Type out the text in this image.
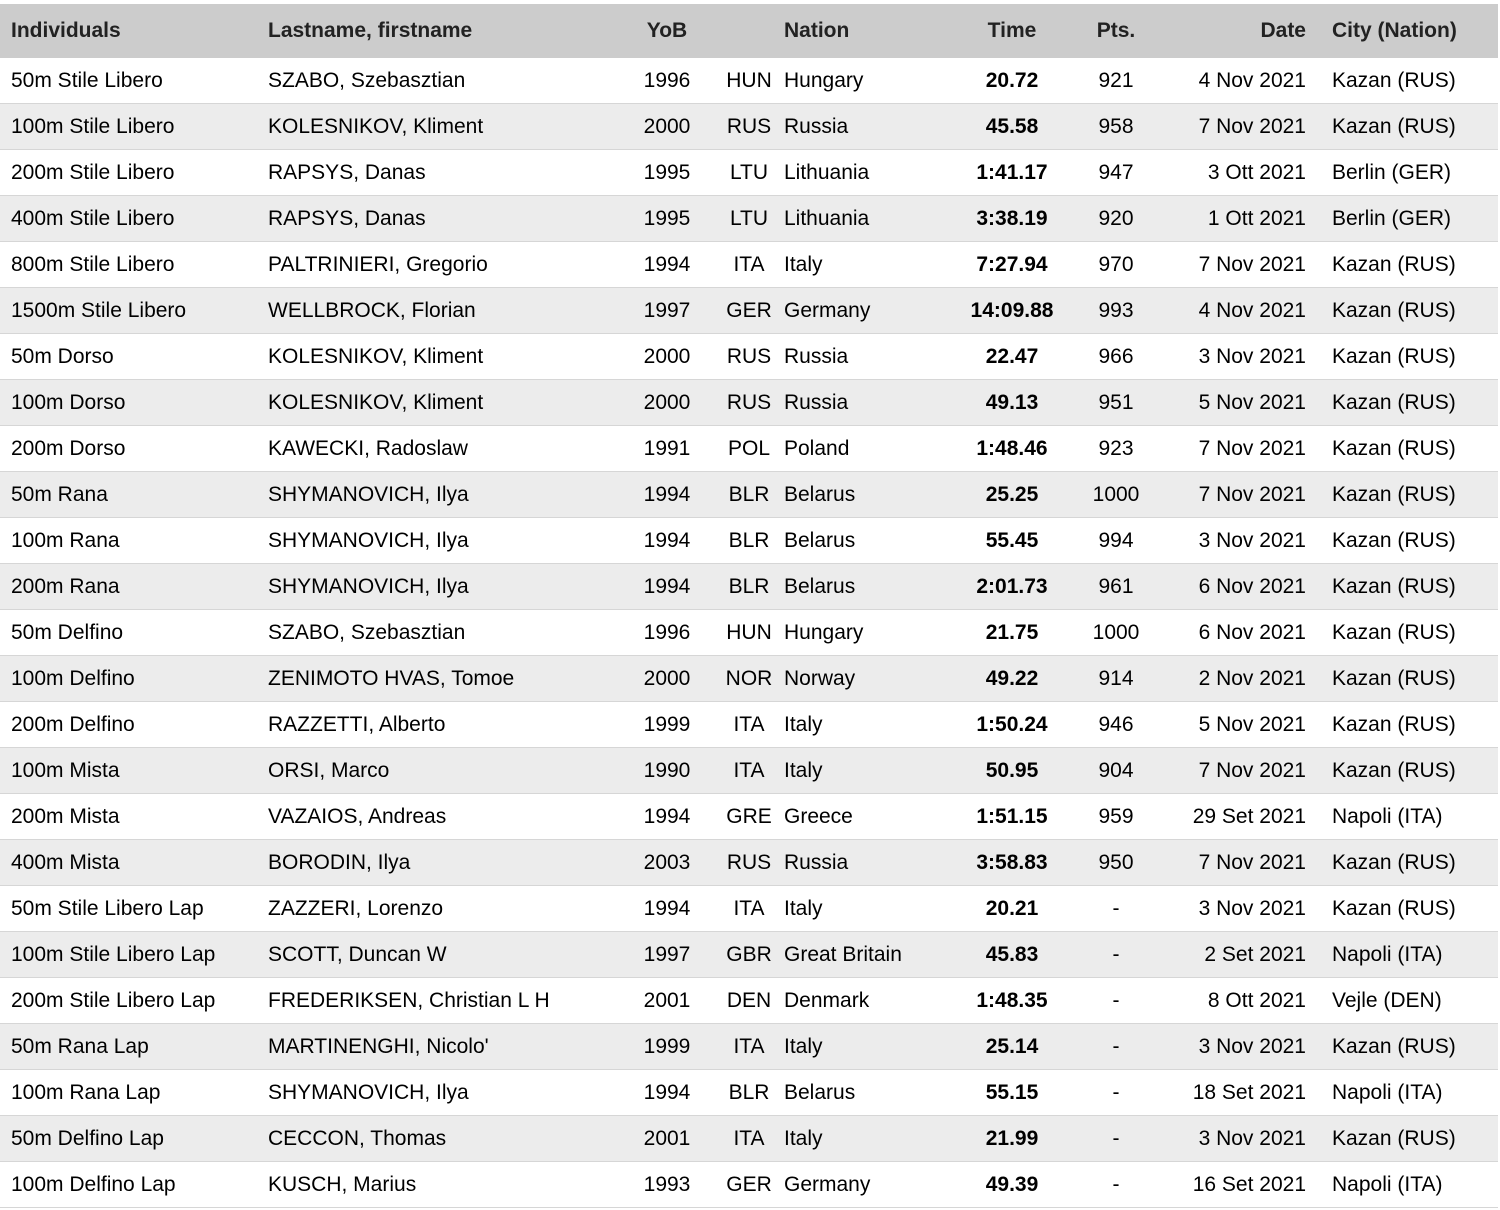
Individuals	Lastname, firstname	YoB		Nation	Time	Pts.	Date	City (Nation)
50m Stile Libero	SZABO, Szebasztian	1996	HUN	Hungary	20.72	921	4 Nov 2021	Kazan (RUS)
100m Stile Libero	KOLESNIKOV, Kliment	2000	RUS	Russia	45.58	958	7 Nov 2021	Kazan (RUS)
200m Stile Libero	RAPSYS, Danas	1995	LTU	Lithuania	1:41.17	947	3 Ott 2021	Berlin (GER)
400m Stile Libero	RAPSYS, Danas	1995	LTU	Lithuania	3:38.19	920	1 Ott 2021	Berlin (GER)
800m Stile Libero	PALTRINIERI, Gregorio	1994	ITA	Italy	7:27.94	970	7 Nov 2021	Kazan (RUS)
1500m Stile Libero	WELLBROCK, Florian	1997	GER	Germany	14:09.88	993	4 Nov 2021	Kazan (RUS)
50m Dorso	KOLESNIKOV, Kliment	2000	RUS	Russia	22.47	966	3 Nov 2021	Kazan (RUS)
100m Dorso	KOLESNIKOV, Kliment	2000	RUS	Russia	49.13	951	5 Nov 2021	Kazan (RUS)
200m Dorso	KAWECKI, Radoslaw	1991	POL	Poland	1:48.46	923	7 Nov 2021	Kazan (RUS)
50m Rana	SHYMANOVICH, Ilya	1994	BLR	Belarus	25.25	1000	7 Nov 2021	Kazan (RUS)
100m Rana	SHYMANOVICH, Ilya	1994	BLR	Belarus	55.45	994	3 Nov 2021	Kazan (RUS)
200m Rana	SHYMANOVICH, Ilya	1994	BLR	Belarus	2:01.73	961	6 Nov 2021	Kazan (RUS)
50m Delfino	SZABO, Szebasztian	1996	HUN	Hungary	21.75	1000	6 Nov 2021	Kazan (RUS)
100m Delfino	ZENIMOTO HVAS, Tomoe	2000	NOR	Norway	49.22	914	2 Nov 2021	Kazan (RUS)
200m Delfino	RAZZETTI, Alberto	1999	ITA	Italy	1:50.24	946	5 Nov 2021	Kazan (RUS)
100m Mista	ORSI, Marco	1990	ITA	Italy	50.95	904	7 Nov 2021	Kazan (RUS)
200m Mista	VAZAIOS, Andreas	1994	GRE	Greece	1:51.15	959	29 Set 2021	Napoli (ITA)
400m Mista	BORODIN, Ilya	2003	RUS	Russia	3:58.83	950	7 Nov 2021	Kazan (RUS)
50m Stile Libero Lap	ZAZZERI, Lorenzo	1994	ITA	Italy	20.21	-	3 Nov 2021	Kazan (RUS)
100m Stile Libero Lap	SCOTT, Duncan W	1997	GBR	Great Britain	45.83	-	2 Set 2021	Napoli (ITA)
200m Stile Libero Lap	FREDERIKSEN, Christian L H	2001	DEN	Denmark	1:48.35	-	8 Ott 2021	Vejle (DEN)
50m Rana Lap	MARTINENGHI, Nicolo'	1999	ITA	Italy	25.14	-	3 Nov 2021	Kazan (RUS)
100m Rana Lap	SHYMANOVICH, Ilya	1994	BLR	Belarus	55.15	-	18 Set 2021	Napoli (ITA)
50m Delfino Lap	CECCON, Thomas	2001	ITA	Italy	21.99	-	3 Nov 2021	Kazan (RUS)
100m Delfino Lap	KUSCH, Marius	1993	GER	Germany	49.39	-	16 Set 2021	Napoli (ITA)
